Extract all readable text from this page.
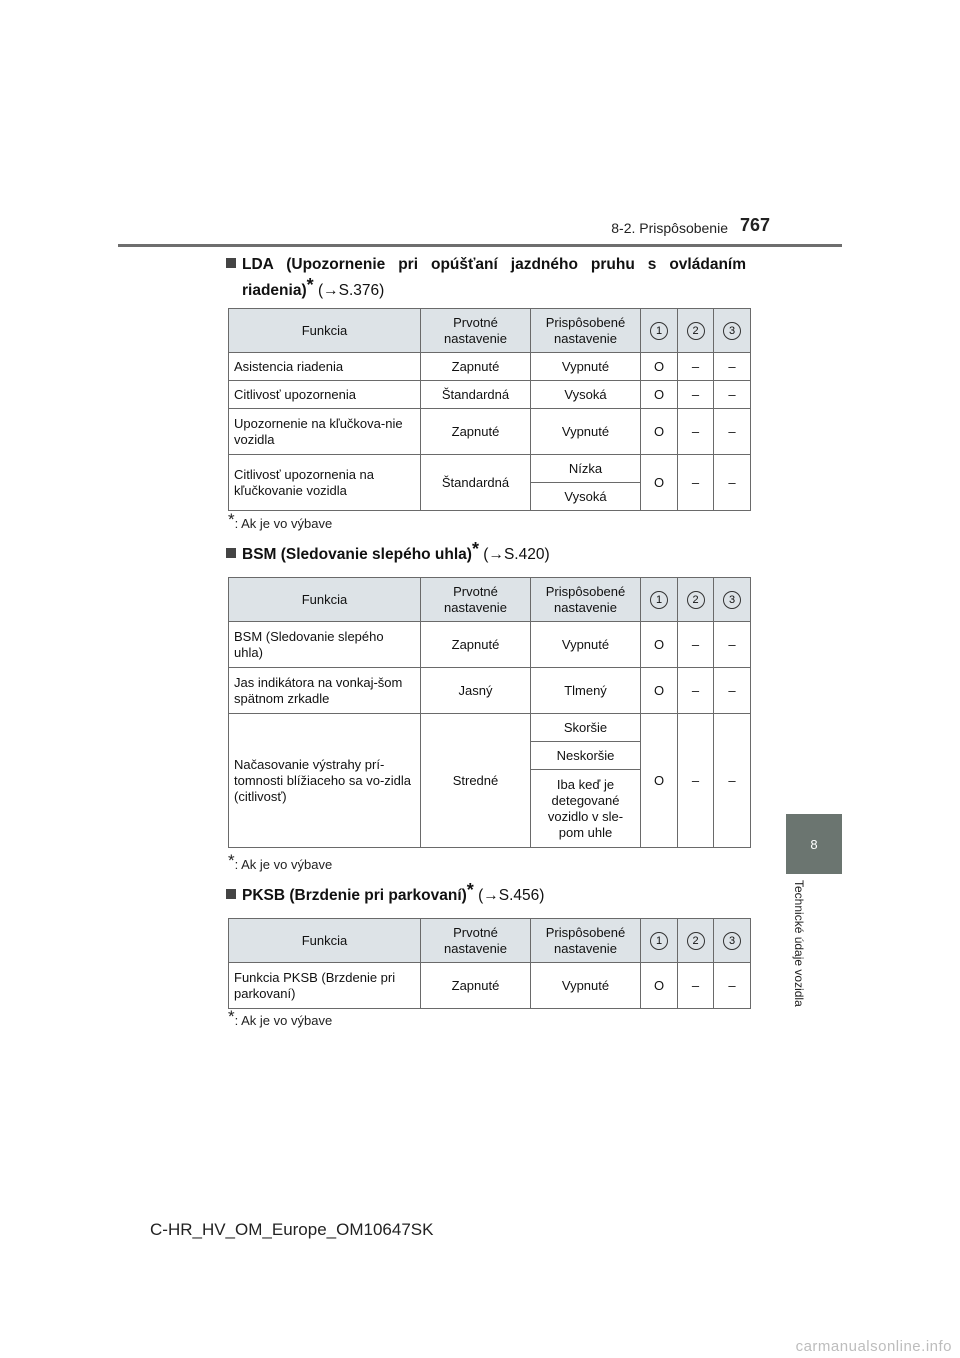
8-2. Prispôsobenie 767
8
Technické údaje vozidla
LDA (Upozornenie pri opúšťaní jazdného pruhu s ovládaním
riadenia)* (→S.376)
Funkcia	Prvotné nastavenie	Prispôsobené nastavenie	1	2	3
Asistencia riadenia	Zapnuté	Vypnuté	O	–	–
Citlivosť upozornenia	Štandardná	Vysoká	O	–	–
Upozornenie na kľučkova-nie vozidla	Zapnuté	Vypnuté	O	–	–
Citlivosť upozornenia na kľučkovanie vozidla	Štandardná	Nízka	O	–	–
		Vysoká			
*: Ak je vo výbave
BSM (Sledovanie slepého uhla)* (→S.420)
Funkcia	Prvotné nastavenie	Prispôsobené nastavenie	1	2	3
BSM (Sledovanie slepého uhla)	Zapnuté	Vypnuté	O	–	–
Jas indikátora na vonkaj-šom spätnom zrkadle	Jasný	Tlmený	O	–	–
Načasovanie výstrahy prí-tomnosti blížiaceho sa vo-zidla (citlivosť)	Stredné	Skoršie	O	–	–
		Neskoršie			
		Iba keď je detegované vozidlo v sle-pom uhle			
*: Ak je vo výbave
PKSB (Brzdenie pri parkovaní)* (→S.456)
Funkcia	Prvotné nastavenie	Prispôsobené nastavenie	1	2	3
Funkcia PKSB (Brzdenie pri parkovaní)	Zapnuté	Vypnuté	O	–	–
*: Ak je vo výbave
C-HR_HV_OM_Europe_OM10647SK
carmanualsonline.info
